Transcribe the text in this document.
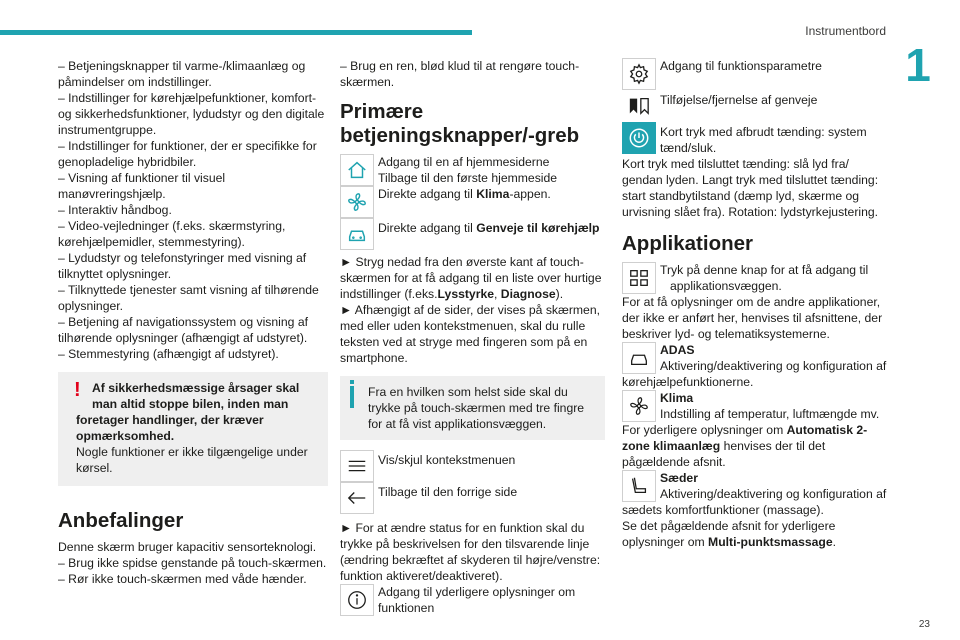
Instrumentbord
1
23

– Betjeningsknapper til varme-/klimaanlæg og påmindelser om indstillinger.

– Indstillinger for kørehjælpefunktioner, komfort- og sikkerhedsfunktioner, lydudstyr og den digitale instrumentgruppe.

– Indstillinger for funktioner, der er specifikke for genopladelige hybridbiler.

– Visning af funktioner til visuel manøvreringshjælp.

– Interaktiv håndbog.

– Video-vejledninger (f.eks. skærmstyring, kørehjælpemidler, stemmestyring).

– Lydudstyr og telefonstyringer med visning af tilknyttet oplysninger.

– Tilknyttede tjenester samt visning af tilhørende oplysninger.

– Betjening af navigationssystem og visning af tilhørende oplysninger (afhængigt af udstyret).

– Stemmestyring (afhængigt af udstyret).

! Af sikkerhedsmæssige årsager skal

man altid stoppe bilen, inden man

foretager handlinger, der kræver

opmærksomhed.

Nogle funktioner er ikke tilgængelige under kørsel.

Anbefalinger

Denne skærm bruger kapacitiv sensorteknologi.

– Brug ikke spidse genstande på touch-skærmen.

– Rør ikke touch-skærmen med våde hænder.

– Brug en ren, blød klud til at rengøre touch-skærmen.

Primære
betjeningsknapper/-greb

Adgang til en af hjemmesiderne

Tilbage til den første hjemmeside

Direkte adgang til Klima-appen.

Direkte adgang til Genveje til kørehjælp

► Stryg nedad fra den øverste kant af touch-skærmen for at få adgang til en liste over hurtige indstillinger (f.eks.Lysstyrke, Diagnose).

► Afhængigt af de sider, der vises på skærmen, med eller uden kontekstmenuen, skal du rulle teksten ved at stryge med fingeren som på en smartphone.

Fra en hvilken som helst side skal du trykke på touch-skærmen med tre fingre for at få vist applikationsvæggen.

Vis/skjul kontekstmenuen

Tilbage til den forrige side

► For at ændre status for en funktion skal du trykke på beskrivelsen for den tilsvarende linje (ændring bekræftet af skyderen til højre/venstre: funktion aktiveret/deaktiveret).

Adgang til yderligere oplysninger om funktionen

Adgang til funktionsparametre

Tilføjelse/fjernelse af genveje

Kort tryk med afbrudt tænding: system

tænd/sluk.

Kort tryk med tilsluttet tænding: slå lyd fra/ gendan lyden. Langt tryk med tilsluttet tænding: start standbytilstand (dæmp lyd, skærme og urvisning slået fra). Rotation: lydstyrkejustering.

Applikationer

Tryk på denne knap for at få adgang til

applikationsvæggen.

For at få oplysninger om de andre applikationer, der ikke er anført her, henvises til afsnittene, der beskriver lyd- og telematiksystemerne.

ADAS

Aktivering/deaktivering og konfiguration af

kørehjælpefunktionerne.

Klima

Indstilling af temperatur, luftmængde mv.

For yderligere oplysninger om Automatisk 2-zone klimaanlæg henvises der til det pågældende afsnit.

Sæder

Aktivering/deaktivering og konfiguration af

sædets komfortfunktioner (massage).

Se det pågældende afsnit for yderligere oplysninger om Multi-punktsmassage.
